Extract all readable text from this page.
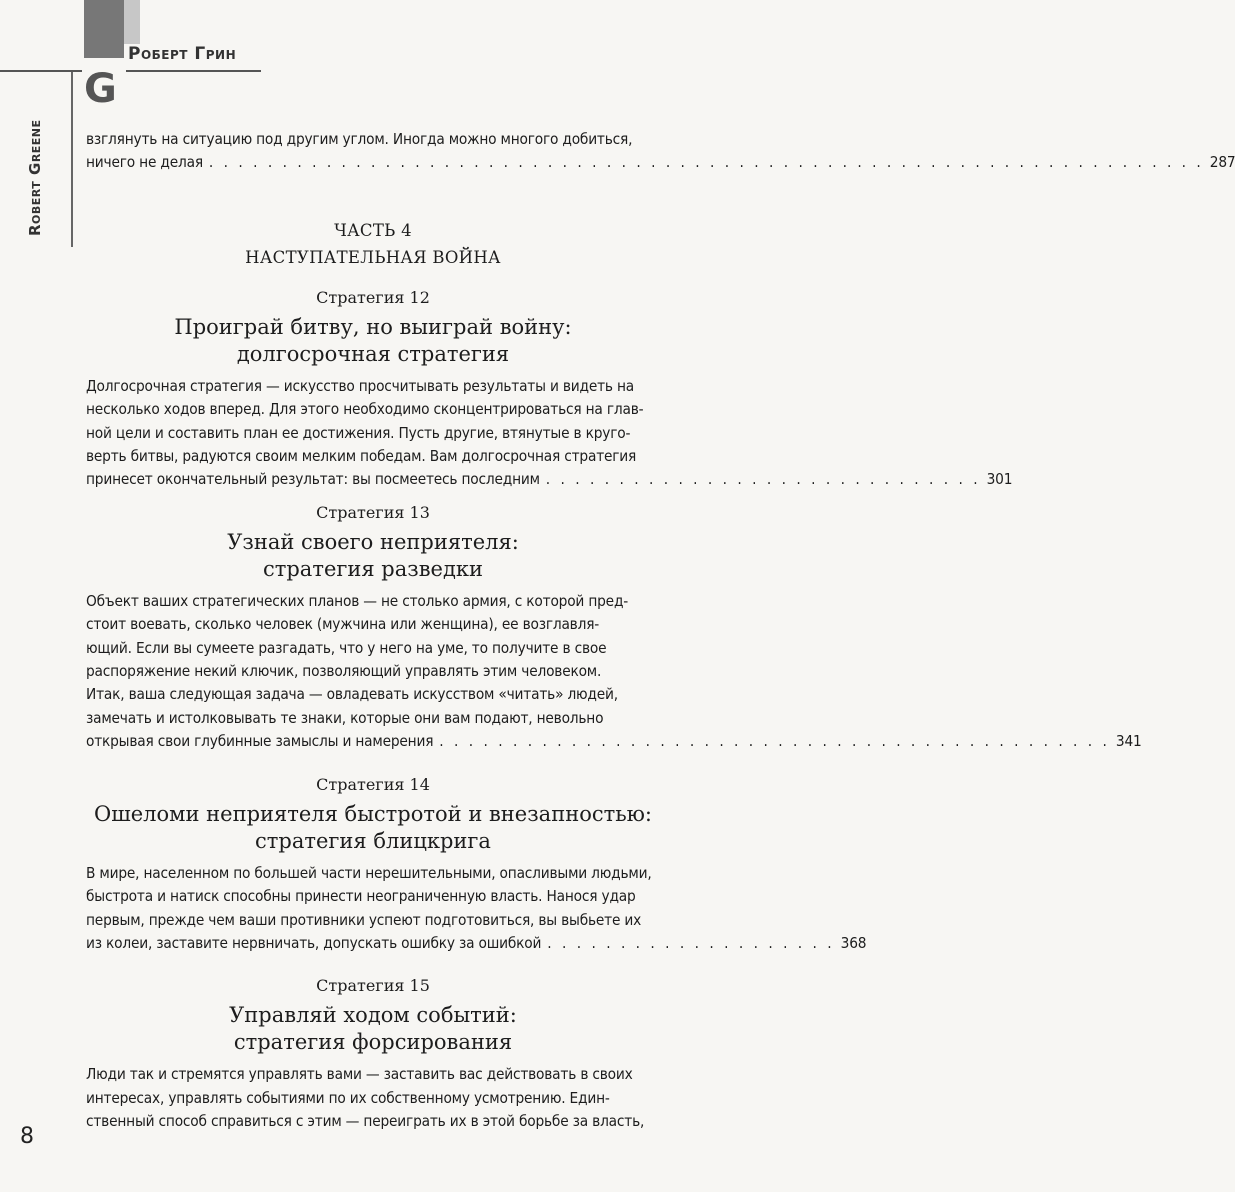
Роберт Грин
G
Robert Greene	взглянуть на ситуацию под другим углом. Иногда можно многого добиться,
ничего не делая . . . . . . . . . . . . . . . . . . . . . . . . . . . . . . . . . . . . . . . . . . . . . . . . . . . . . . . . . . . . . . . . . . . . 287
ЧАСТЬ 4
НАСТУПАТЕЛЬНАЯ ВОЙНА
Стратегия 12
Проиграй битву, но выиграй войну:
долгосрочная стратегия
Долгосрочная стратегия — искусство просчитывать результаты и видеть на
несколько ходов вперед. Для этого необходимо сконцентрироваться на глав-
ной цели и составить план ее достижения. Пусть другие, втянутые в круго-
верть битвы, радуются своим мелким победам. Вам долгосрочная стратегия
принесет окончательный результат: вы посмеетесь последним . . . . . . . . . . . . . . . . . . . . . . . . . . . . . . 301
Стратегия 13
Узнай своего неприятеля:
стратегия разведки
Объект ваших стратегических планов — не столько армия, с которой пред-
стоит воевать, сколько человек (мужчина или женщина), ее возглавля-
ющий. Если вы сумеете разгадать, что у него на уме, то получите в свое
распоряжение некий ключик, позволяющий управлять этим человеком.
Итак, ваша следующая задача — овладевать искусством «читать» людей,
замечать и истолковывать те знаки, которые они вам подают, невольно
открывая свои глубинные замыслы и намерения . . . . . . . . . . . . . . . . . . . . . . . . . . . . . . . . . . . . . . . . . . . . . . 341
Стратегия 14
Ошеломи неприятеля быстротой и внезапностью:
стратегия блицкрига
В мире, населенном по большей части нерешительными, опасливыми людьми,
быстрота и натиск способны принести неограниченную власть. Нанося удар
первым, прежде чем ваши противники успеют подготовиться, вы выбьете их
из колеи, заставите нервничать, допускать ошибку за ошибкой . . . . . . . . . . . . . . . . . . . . 368
Стратегия 15
Управляй ходом событий:
стратегия форсирования
Люди так и стремятся управлять вами — заставить вас действовать в своих
интересах, управлять событиями по их собственному усмотрению. Един-
ственный способ справиться с этим — переиграть их в этой борьбе за власть,
8
